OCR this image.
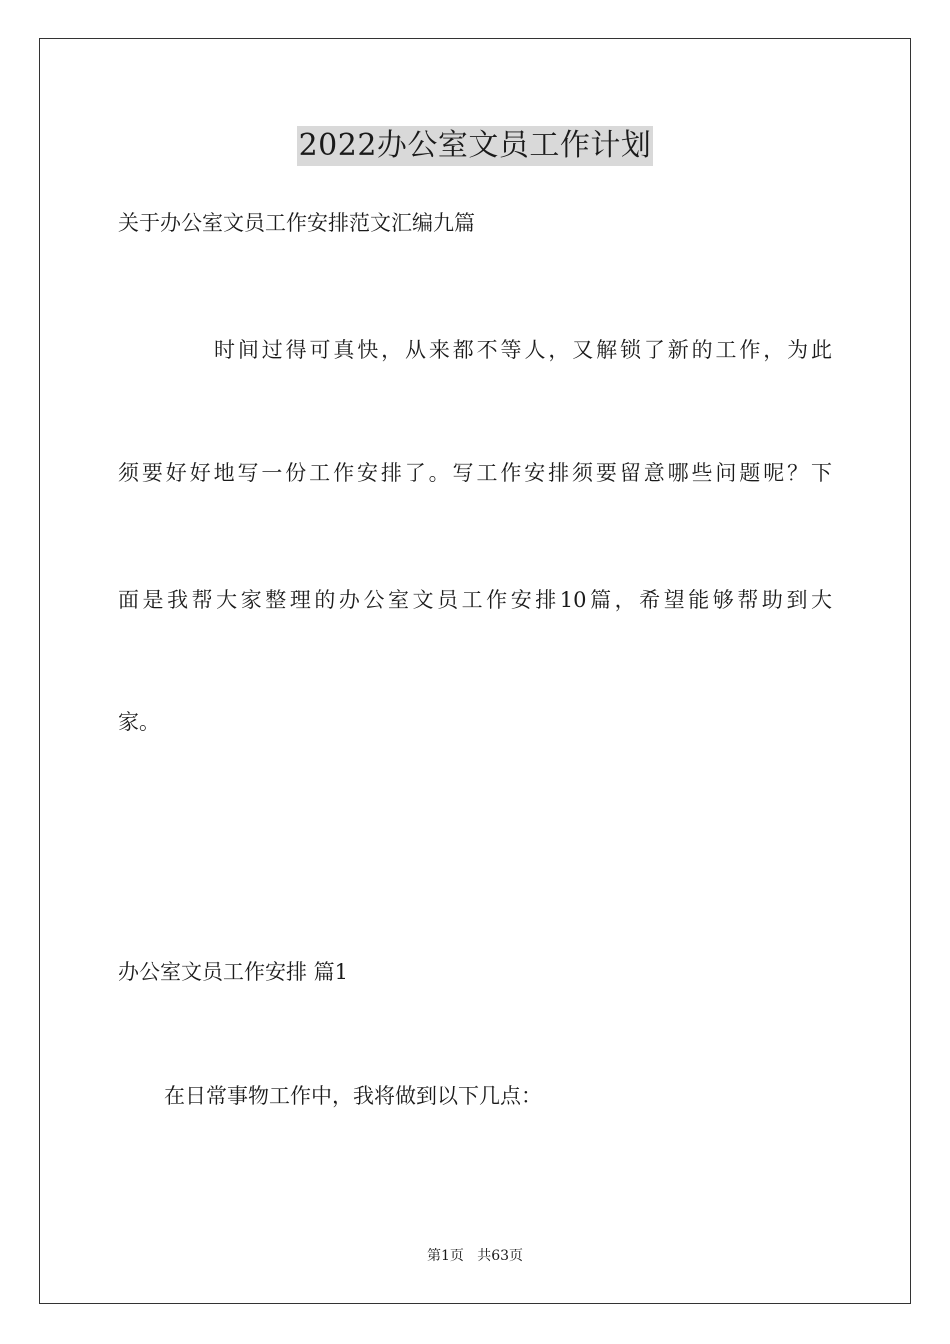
2022办公室文员工作计划
关于办公室文员工作安排范文汇编九篇
时间过得可真快，从来都不等人，又解锁了新的工作，为此
须要好好地写一份工作安排了。写工作安排须要留意哪些问题呢？下
面是我帮大家整理的办公室文员工作安排10篇，希望能够帮助到大
家。
办公室文员工作安排 篇1
在日常事物工作中，我将做到以下几点：
第1页   共63页
